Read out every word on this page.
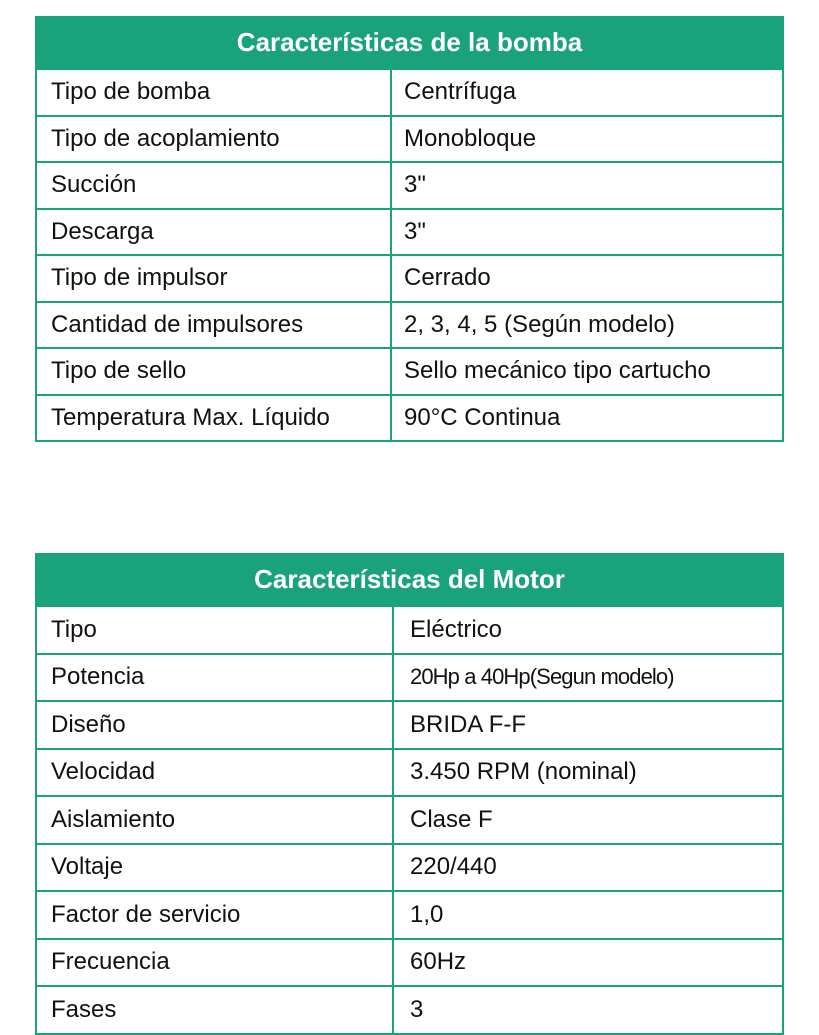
Características de la bomba
Tipo de bomba	Centrífuga
Tipo de acoplamiento	Monobloque
Succión	3"
Descarga	3"
Tipo de impulsor	Cerrado
Cantidad de impulsores	2, 3, 4, 5 (Según modelo)
Tipo de sello	Sello mecánico tipo cartucho
Temperatura Max. Líquido	90°C Continua
Características del Motor
Tipo	Eléctrico
Potencia	20Hp a 40Hp(Segun modelo)
Diseño	BRIDA F-F
Velocidad	3.450 RPM (nominal)
Aislamiento	Clase F
Voltaje	220/440
Factor de servicio	1,0
Frecuencia	60Hz
Fases	3
